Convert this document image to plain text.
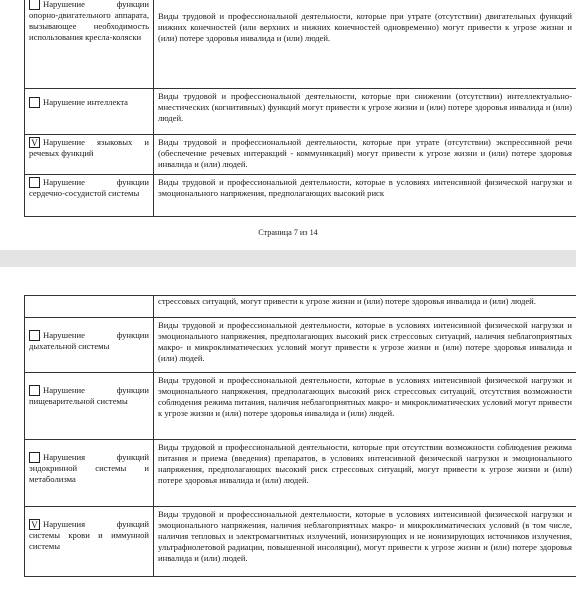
Нарушение функции опорно-двигательного аппарата, вызывающее необходимость использования кресла-коляски	Виды трудовой и профессиональной деятельности, которые при утрате (отсутствии) двигательных функций нижних конечностей (или верхних и нижних конечностей одновременно) могут привести к угрозе жизни и (или) потере здоровья инвалида и (или) людей.

Нарушение интеллекта	Виды трудовой и профессиональной деятельности, которые при снижении (отсутствии) интеллектуально-мнестических (когнитивных) функций могут привести к угрозе жизни и (или) потере здоровья инвалида и (или) людей.

V Нарушение языковых и речевых функций	Виды трудовой и профессиональной деятельности, которые при утрате (отсутствии) экспрессивной речи (обеспечение речевых интеракций - коммуникаций) могут привести к угрозе жизни и (или) потере здоровья инвалида и (или) людей.

Нарушение функции сердечно-сосудистой системы	Виды трудовой и профессиональной деятельности, которые в условиях интенсивной физической нагрузки и эмоционального напряжения, предполагающих высокий риск
Страница 7 из 14
	стрессовых ситуаций, могут привести к угрозе жизни и (или) потере здоровья инвалида и (или) людей.

Нарушение функции дыхательной системы	Виды трудовой и профессиональной деятельности, которые в условиях интенсивной физической нагрузки и эмоционального напряжения, предполагающих высокий риск стрессовых ситуаций, наличия неблагоприятных макро- и микроклиматических условий могут привести к угрозе жизни и (или) потере здоровья инвалида и (или) людей.

Нарушение функции пищеварительной системы	Виды трудовой и профессиональной деятельности, которые в условиях интенсивной физической нагрузки и эмоционального напряжения, предполагающих высокий риск стрессовых ситуаций, отсутствия возможности соблюдения режима питания, наличия неблагоприятных макро- и микроклиматических условий могут привести к угрозе жизни и (или) потере здоровья инвалида и (или) людей.

Нарушения функций эндокринной системы и метаболизма	Виды трудовой и профессиональной деятельности, которые при отсутствии возможности соблюдения режима питания и приема (введения) препаратов, в условиях интенсивной физической нагрузки и эмоционального напряжения, предполагающих высокий риск стрессовых ситуаций, могут привести к угрозе жизни и (или) потере здоровья инвалида и (или) людей.

V Нарушения функций системы крови и иммунной системы	Виды трудовой и профессиональной деятельности, которые в условиях интенсивной физической нагрузки и эмоционального напряжения, наличия неблагоприятных макро- и микроклиматических условий (в том числе, наличия тепловых и электромагнитных излучений, ионизирующих и не ионизирующих источников излучения, ультрафиолетовой радиации, повышенной инсоляции), могут привести к угрозе жизни и (или) потере здоровья инвалида и (или) людей.
